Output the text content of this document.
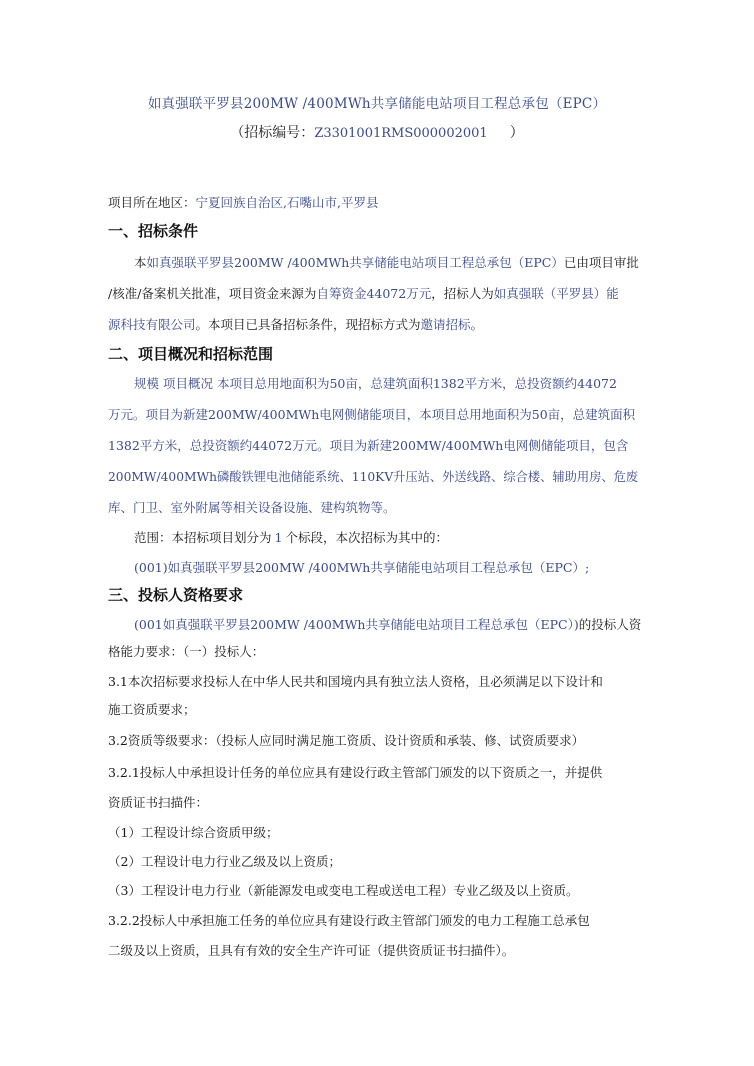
如真强联平罗县200MW /400MWh共享储能电站项目工程总承包（EPC）
（招标编号：Z3301001RMS000002001 ）
项目所在地区：宁夏回族自治区,石嘴山市,平罗县
一、招标条件
本如真强联平罗县200MW /400MWh共享储能电站项目工程总承包（EPC）已由项目审批
/核准/备案机关批准，项目资金来源为自筹资金44072万元，招标人为如真强联（平罗县）能
源科技有限公司。本项目已具备招标条件，现招标方式为邀请招标。
二、项目概况和招标范围
规模 项目概况 本项目总用地面积为50亩，总建筑面积1382平方米，总投资额约44072
万元。项目为新建200MW/400MWh电网侧储能项目，本项目总用地面积为50亩，总建筑面积
1382平方米，总投资额约44072万元。项目为新建200MW/400MWh电网侧储能项目，包含
200MW/400MWh磷酸铁锂电池储能系统、110KV升压站、外送线路、综合楼、辅助用房、危废
库、门卫、室外附属等相关设备设施、建构筑物等。
范围：本招标项目划分为 1 个标段，本次招标为其中的：
(001)如真强联平罗县200MW /400MWh共享储能电站项目工程总承包（EPC）;
三、投标人资格要求
(001如真强联平罗县200MW /400MWh共享储能电站项目工程总承包（EPC）)的投标人资
格能力要求：（一）投标人：
3.1本次招标要求投标人在中华人民共和国境内具有独立法人资格，且必须满足以下设计和
施工资质要求；
3.2资质等级要求：（投标人应同时满足施工资质、设计资质和承装、修、试资质要求）
3.2.1投标人中承担设计任务的单位应具有建设行政主管部门颁发的以下资质之一，并提供
资质证书扫描件：
（1）工程设计综合资质甲级；
（2）工程设计电力行业乙级及以上资质；
（3）工程设计电力行业（新能源发电或变电工程或送电工程）专业乙级及以上资质。
3.2.2投标人中承担施工任务的单位应具有建设行政主管部门颁发的电力工程施工总承包
二级及以上资质，且具有有效的安全生产许可证（提供资质证书扫描件）。
